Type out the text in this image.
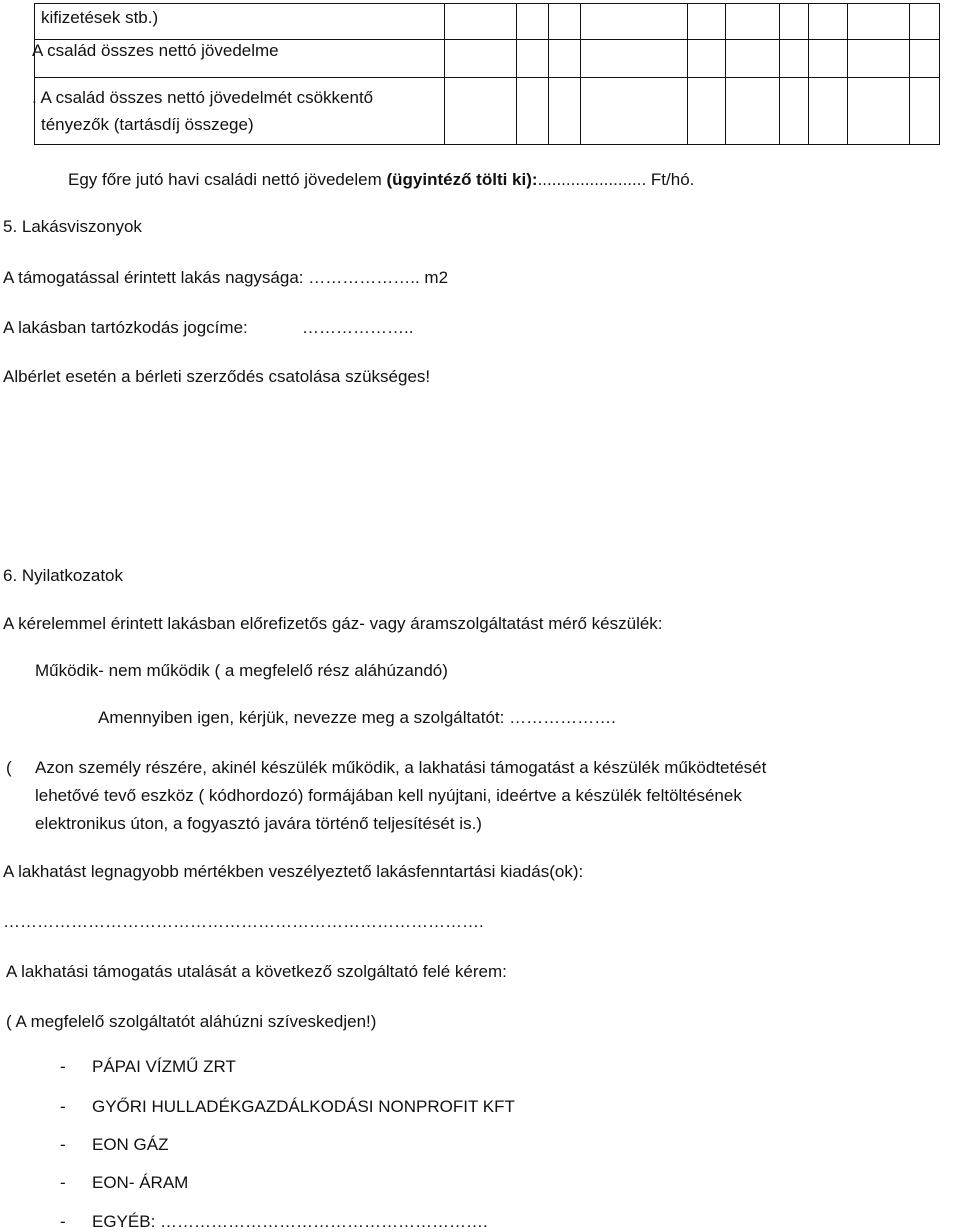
kifizetések stb.)										

A család összes nettó jövedelme										

. A család összes nettó jövedelmét csökkentő
tényezők (tartásdíj összege)										

Egy főre jutó havi családi nettó jövedelem (ügyintéző tölti ki):....................... Ft/hó.
5. Lakásviszonyok
A támogatással érintett lakás nagysága: ……………….. m2
A lakásban tartózkodás jogcíme:	………………..
Albérlet esetén a bérleti szerződés csatolása szükséges!
6. Nyilatkozatok
A kérelemmel érintett lakásban előrefizetős gáz- vagy áramszolgáltatást mérő készülék:
Működik- nem működik ( a megfelelő rész aláhúzandó)
Amennyiben igen, kérjük, nevezze meg a szolgáltatót: ……………….
( Azon személy részére, akinél készülék működik, a lakhatási támogatást a készülék működtetését
lehetővé tevő eszköz ( kódhordozó) formájában kell nyújtani, ideértve a készülék feltöltésének
elektronikus úton, a fogyasztó javára történő teljesítését is.)
A lakhatást legnagyobb mértékben veszélyeztető lakásfenntartási kiadás(ok):
………………………………………………………………………….
A lakhatási támogatás utalását a következő szolgáltató felé kérem:
( A megfelelő szolgáltatót aláhúzni szíveskedjen!)
- PÁPAI VÍZMŰ ZRT
- GYŐRI HULLADÉKGAZDÁLKODÁSI NONPROFIT KFT
- EON GÁZ
- EON- ÁRAM
- EGYÉB: ………………………………………………….
